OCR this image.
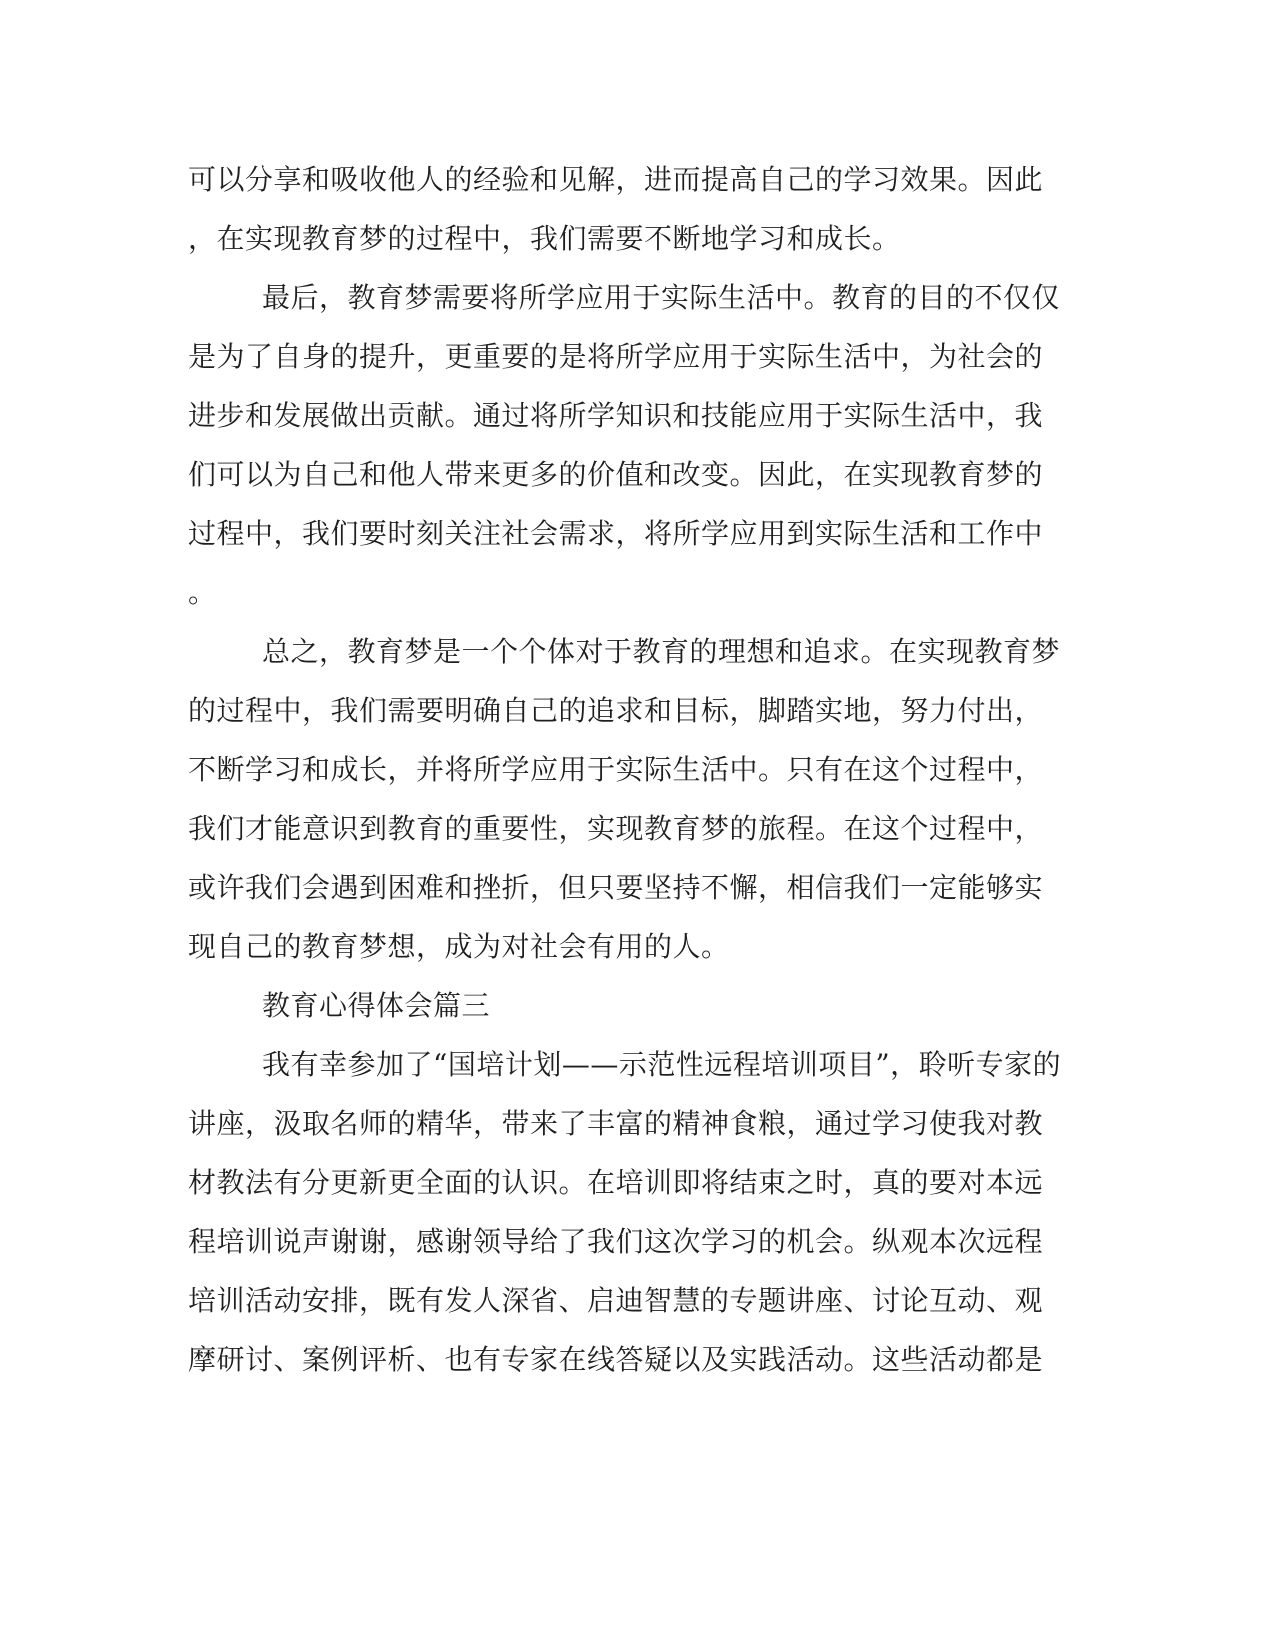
可以分享和吸收他人的经验和见解，进而提高自己的学习效果。因此

，在实现教育梦的过程中，我们需要不断地学习和成长。

最后，教育梦需要将所学应用于实际生活中。教育的目的不仅仅

是为了自身的提升，更重要的是将所学应用于实际生活中，为社会的

进步和发展做出贡献。通过将所学知识和技能应用于实际生活中，我

们可以为自己和他人带来更多的价值和改变。因此，在实现教育梦的

过程中，我们要时刻关注社会需求，将所学应用到实际生活和工作中

。

总之，教育梦是一个个体对于教育的理想和追求。在实现教育梦

的过程中，我们需要明确自己的追求和目标，脚踏实地，努力付出，

不断学习和成长，并将所学应用于实际生活中。只有在这个过程中，

我们才能意识到教育的重要性，实现教育梦的旅程。在这个过程中，

或许我们会遇到困难和挫折，但只要坚持不懈，相信我们一定能够实

现自己的教育梦想，成为对社会有用的人。

教育心得体会篇三

我有幸参加了“国培计划——示范性远程培训项目”，聆听专家的

讲座，汲取名师的精华，带来了丰富的精神食粮，通过学习使我对教

材教法有分更新更全面的认识。在培训即将结束之时，真的要对本远

程培训说声谢谢，感谢领导给了我们这次学习的机会。纵观本次远程

培训活动安排，既有发人深省、启迪智慧的专题讲座、讨论互动、观

摩研讨、案例评析、也有专家在线答疑以及实践活动。这些活动都是
